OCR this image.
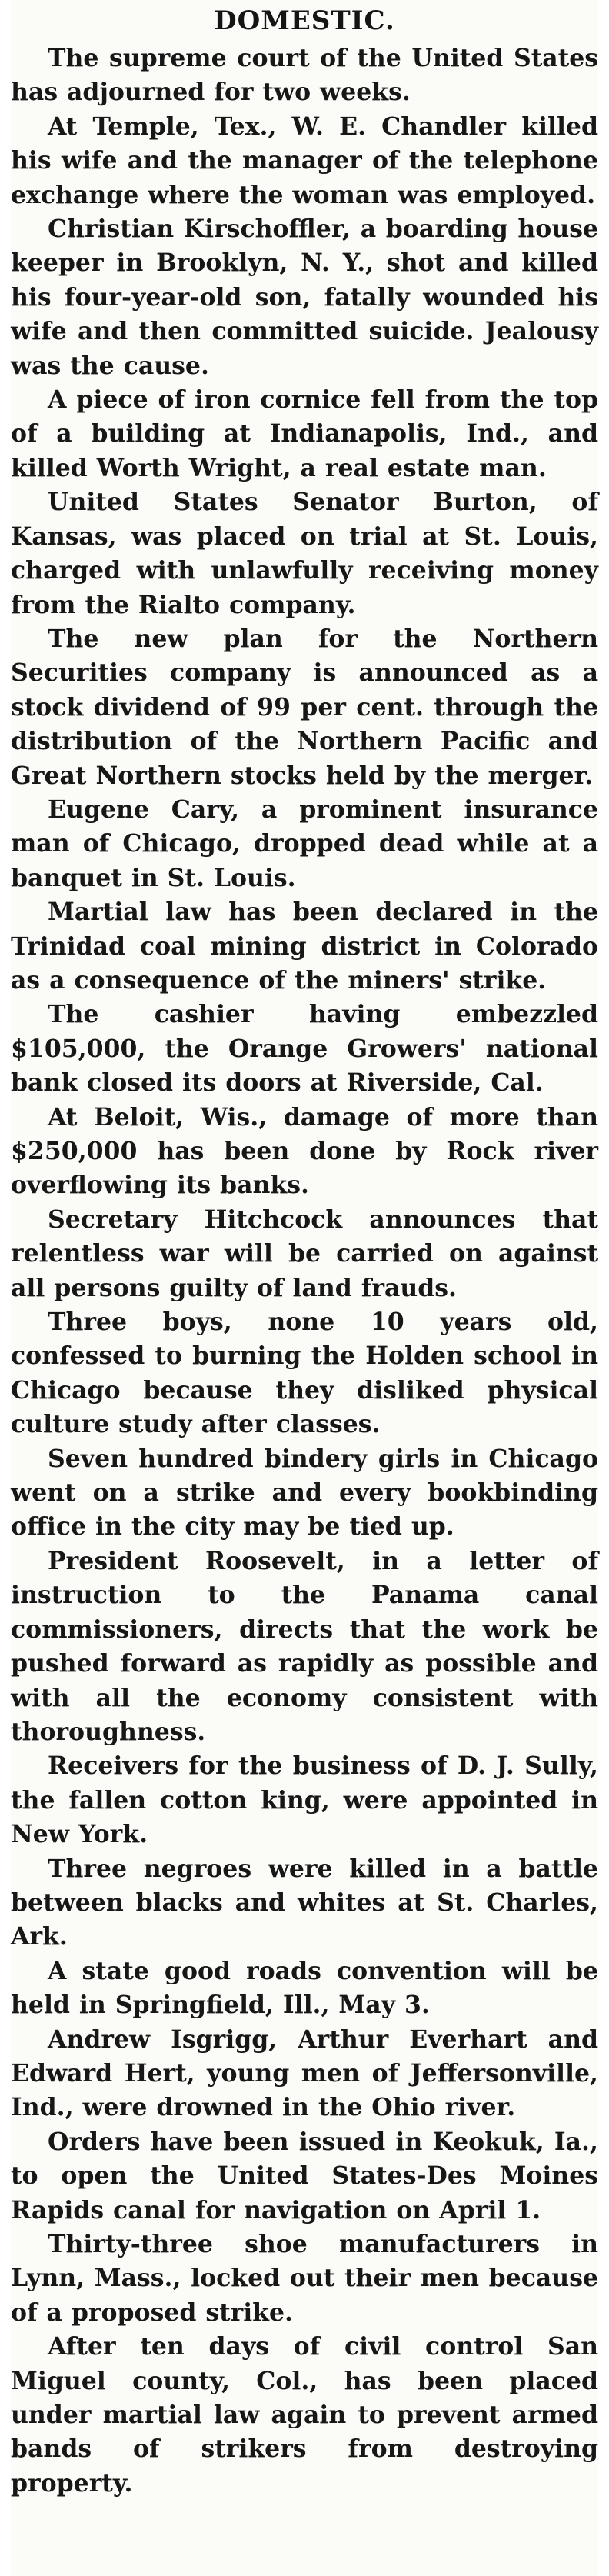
DOMESTIC.

The supreme court of the United States has adjourned for two weeks.

At Temple, Tex., W. E. Chandler killed his wife and the manager of the telephone exchange where the woman was employed.

Christian Kirschoffler, a boarding house keeper in Brooklyn, N. Y., shot and killed his four-year-old son, fatally wounded his wife and then committed suicide. Jealousy was the cause.

A piece of iron cornice fell from the top of a building at Indianapolis, Ind., and killed Worth Wright, a real estate man.

United States Senator Burton, of Kansas, was placed on trial at St. Louis, charged with unlawfully receiving money from the Rialto company.

The new plan for the Northern Securities company is announced as a stock dividend of 99 per cent. through the distribution of the Northern Pacific and Great Northern stocks held by the merger.

Eugene Cary, a prominent insurance man of Chicago, dropped dead while at a banquet in St. Louis.

Martial law has been declared in the Trinidad coal mining district in Colorado as a consequence of the miners' strike.

The cashier having embezzled $105,000, the Orange Growers' national bank closed its doors at Riverside, Cal.

At Beloit, Wis., damage of more than $250,000 has been done by Rock river overflowing its banks.

Secretary Hitchcock announces that relentless war will be carried on against all persons guilty of land frauds.

Three boys, none 10 years old, confessed to burning the Holden school in Chicago because they disliked physical culture study after classes.

Seven hundred bindery girls in Chicago went on a strike and every bookbinding office in the city may be tied up.

President Roosevelt, in a letter of instruction to the Panama canal commissioners, directs that the work be pushed forward as rapidly as possible and with all the economy consistent with thoroughness.

Receivers for the business of D. J. Sully, the fallen cotton king, were appointed in New York.

Three negroes were killed in a battle between blacks and whites at St. Charles, Ark.

A state good roads convention will be held in Springfield, Ill., May 3.

Andrew Isgrigg, Arthur Everhart and Edward Hert, young men of Jeffersonville, Ind., were drowned in the Ohio river.

Orders have been issued in Keokuk, Ia., to open the United States-Des Moines Rapids canal for navigation on April 1.

Thirty-three shoe manufacturers in Lynn, Mass., locked out their men because of a proposed strike.

After ten days of civil control San Miguel county, Col., has been placed under martial law again to prevent armed bands of strikers from destroying property.
